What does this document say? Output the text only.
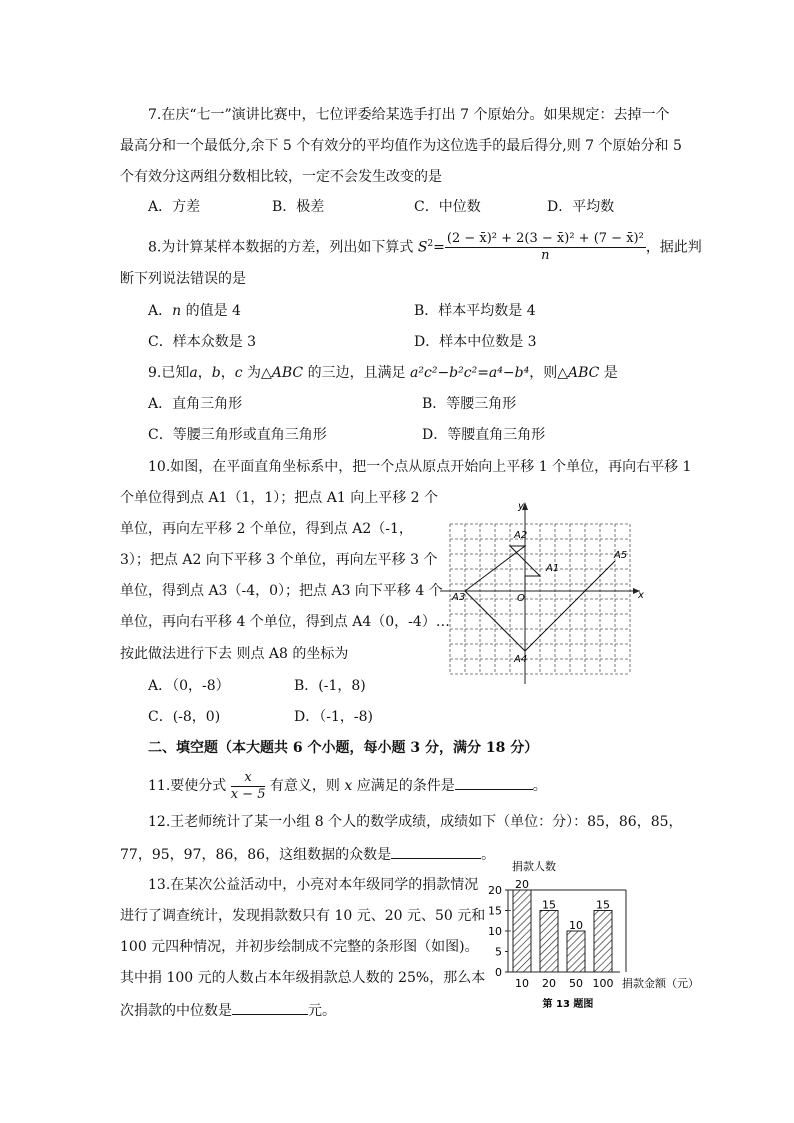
7.在庆“七一”演讲比赛中，七位评委给某选手打出 7 个原始分。如果规定：去掉一个
最高分和一个最低分,余下 5 个有效分的平均值作为这位选手的最后得分,则 7 个原始分和 5
个有效分这两组分数相比较，一定不会发生改变的是
A．方差	B．极差	C．中位数	D．平均数
8.为计算某样本数据的方差，列出如下算式 $S^2= \frac{\text{(2 − x̄)² + 2(3 − x̄)² + (7 − x̄)²}}{n}$ ，据此判
断下列说法错误的是
A．n 的值是 4	B．样本平均数是 4
C．样本众数是 3	D．样本中位数是 3
9.已知a，b，c 为△ABC 的三边，且满足 a²c²−b²c²=a⁴−b⁴，则△ABC 是
A．直角三角形	B．等腰三角形
C．等腰三角形或直角三角形	D．等腰直角三角形
10.如图，在平面直角坐标系中，把一个点从原点开始向上平移 1 个单位，再向右平移 1
个单位得到点 A1（1，1）；把点 A1 向上平移 2 个
单位，再向左平移 2 个单位，得到点 A2（-1，
3）；把点 A2 向下平移 3 个单位，再向左平移 3 个
单位，得到点 A3（-4，0）；把点 A3 向下平移 4 个
单位，再向右平移 4 个单位，得到点 A4（0，-4）…
按此做法进行下去 则点 A8 的坐标为
A．（0，-8）	B．(-1，8)
C．(-8，0)	D．（-1，-8)
y
x
O
A1
A2
A3
A4
A5
二、填空题（本大题共 6 个小题，每小题 3 分，满分 18 分）
11.要使分式 $\frac{x}{x - 5}$ 有意义，则 x 应满足的条件是	。
12.王老师统计了某一小组 8 个人的数学成绩，成绩如下（单位：分）：85，86，85，
77，95，97，86，86，这组数据的众数是	。
13.在某次公益活动中，小亮对本年级同学的捐款情况
进行了调查统计，发现捐款数只有 10 元、20 元、50 元和
100 元四种情况，并初步绘制成不完整的条形图（如图)。
其中捐 100 元的人数占本年级捐款总人数的 25%，那么本
次捐款的中位数是	元。
捐款人数
0
5
10
15
20 20
10
15
20
10
50
15
100 捐款金额（元）
第 13 题图
